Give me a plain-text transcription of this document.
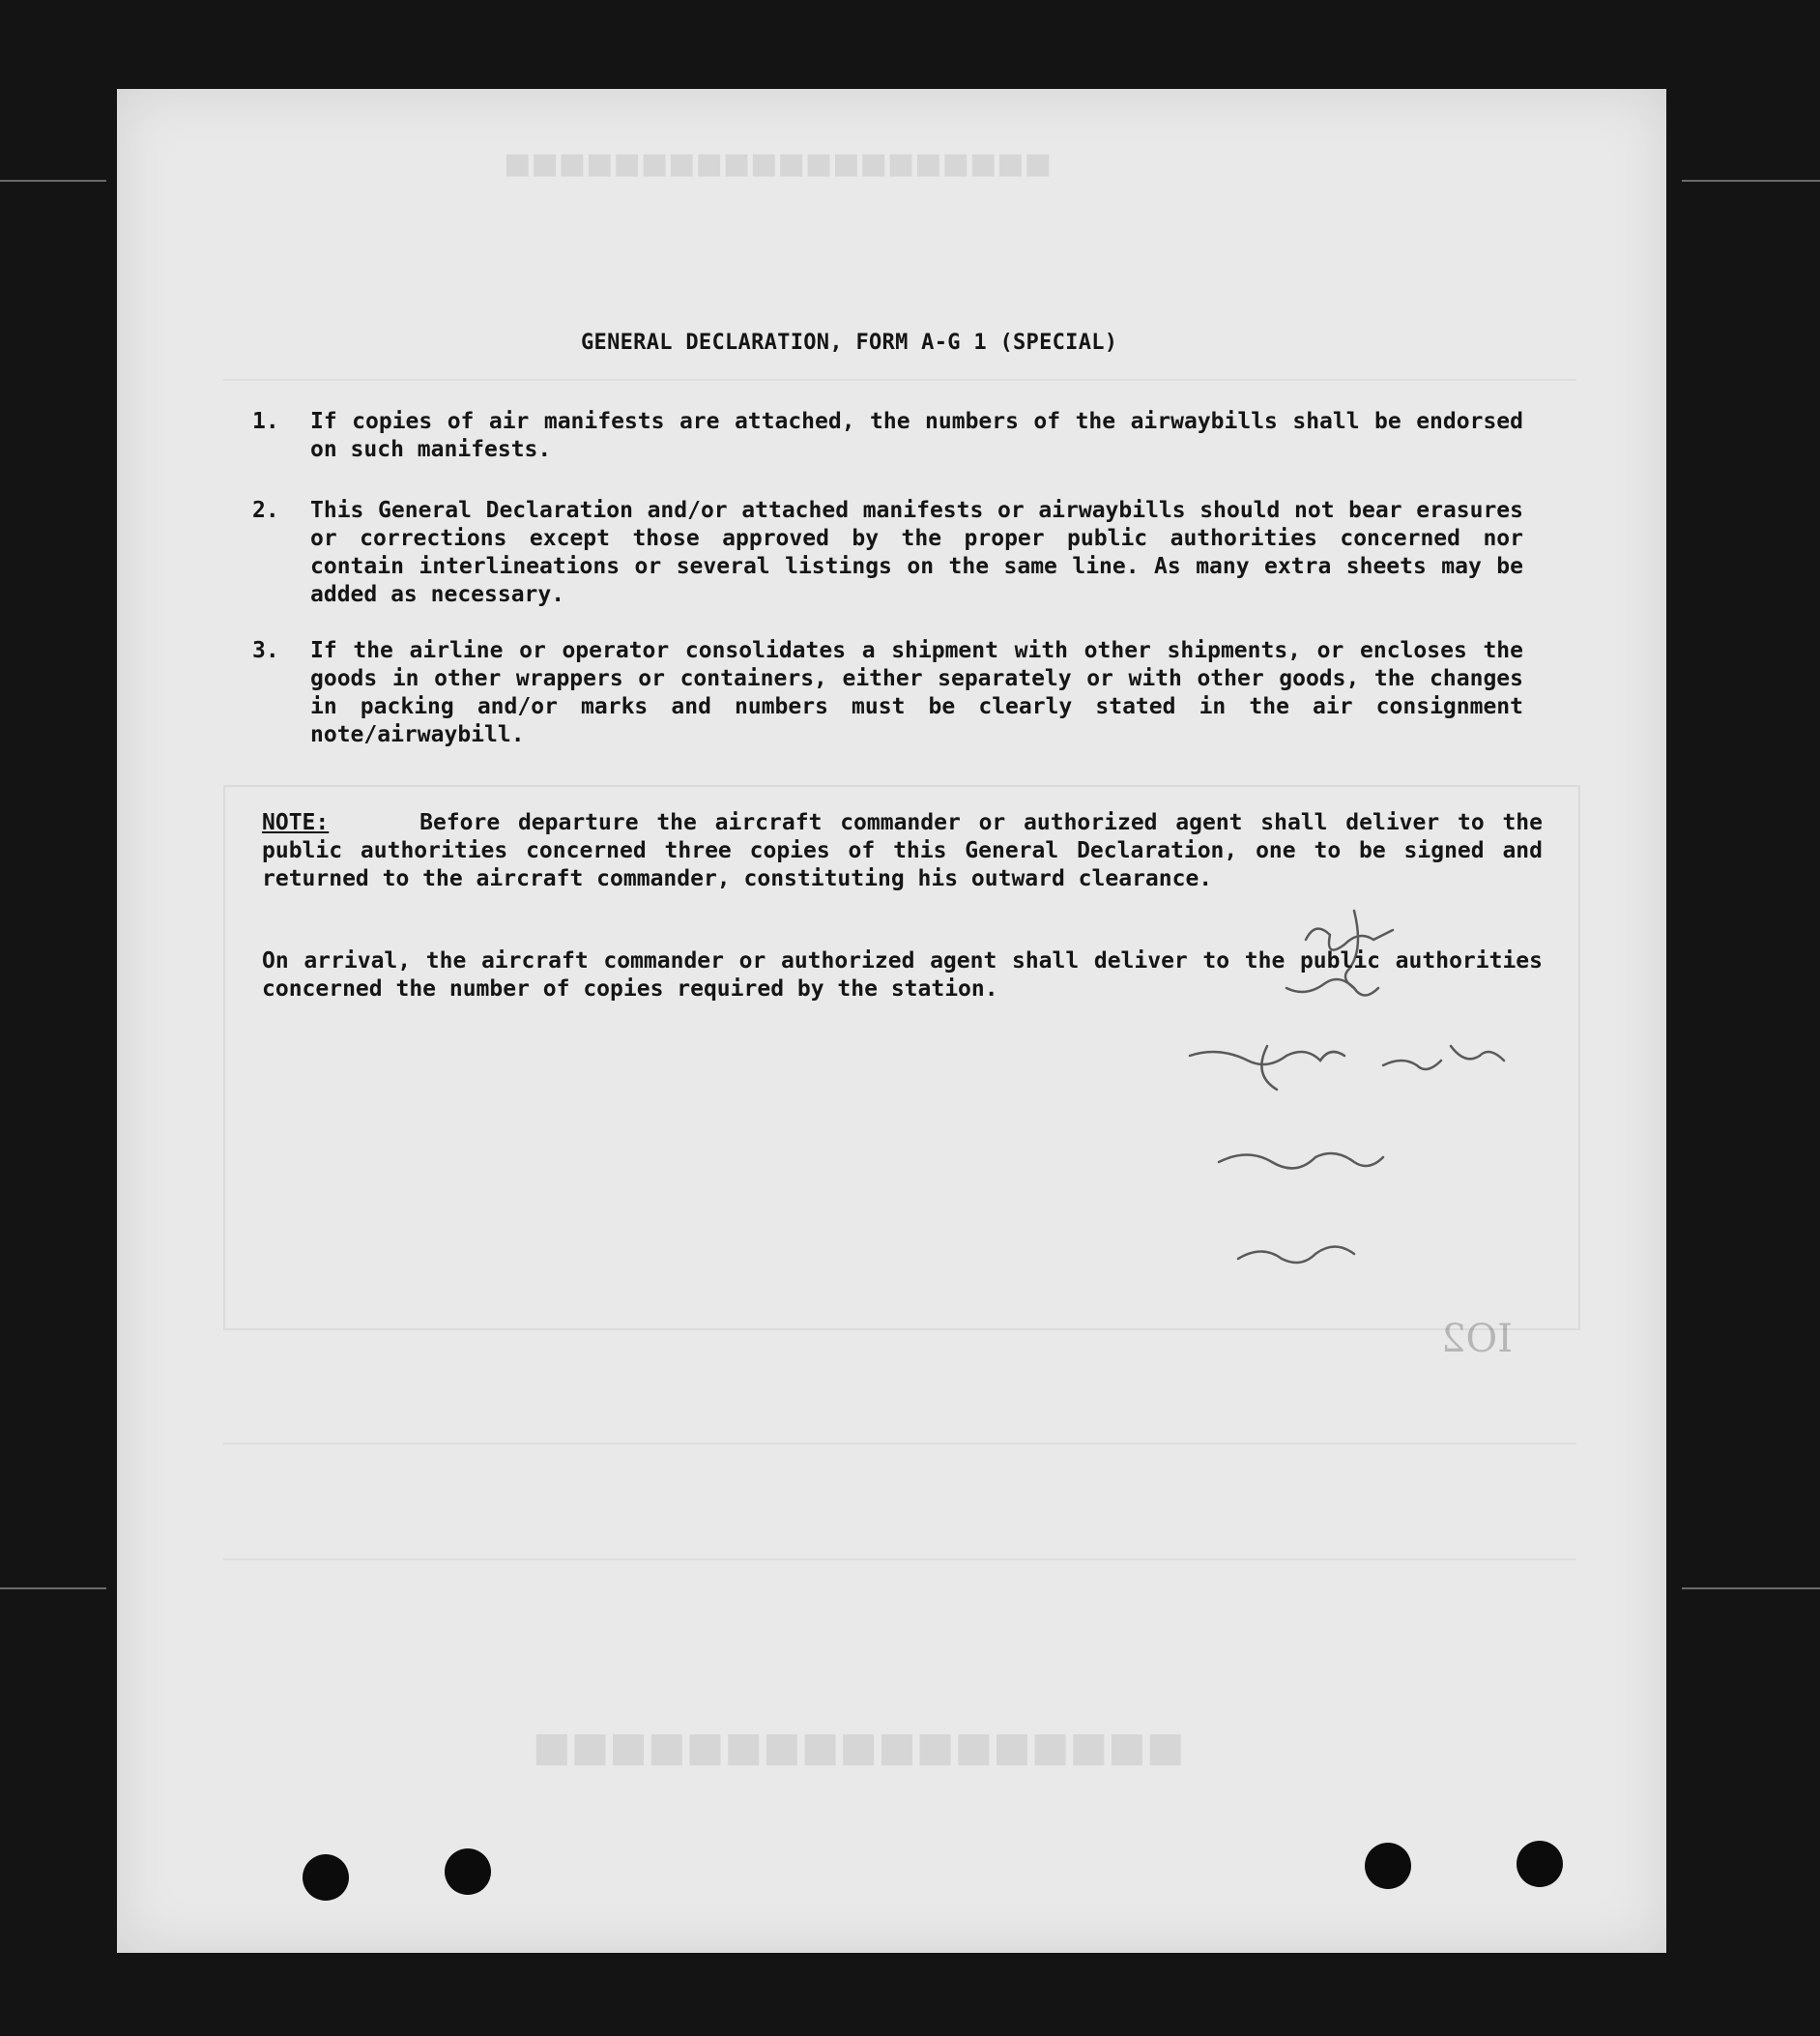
■■■■■■■■■■■■■■■■■■■■
■■■■■■■■■■■■■■■■■
IO2
GENERAL DECLARATION, FORM A-G 1 (SPECIAL)
1. If copies of air manifests are attached, the numbers of the airwaybills shall be endorsed on such manifests.
2. This General Declaration and/or attached manifests or airwaybills should not bear erasures or corrections except those approved by the proper public authorities concerned nor contain interlineations or several listings on the same line. As many extra sheets may be added as necessary.
3. If the airline or operator consolidates a shipment with other shipments, or encloses the goods in other wrappers or containers, either separately or with other goods, the changes in packing and/or marks and numbers must be clearly stated in the air consignment note/airwaybill.
NOTE:	Before departure the aircraft commander or authorized agent shall deliver to the public authorities concerned three copies of this General Declaration, one to be signed and returned to the aircraft commander, constituting his outward clearance.
On arrival, the aircraft commander or authorized agent shall deliver to the public authorities concerned the number of copies required by the station.
